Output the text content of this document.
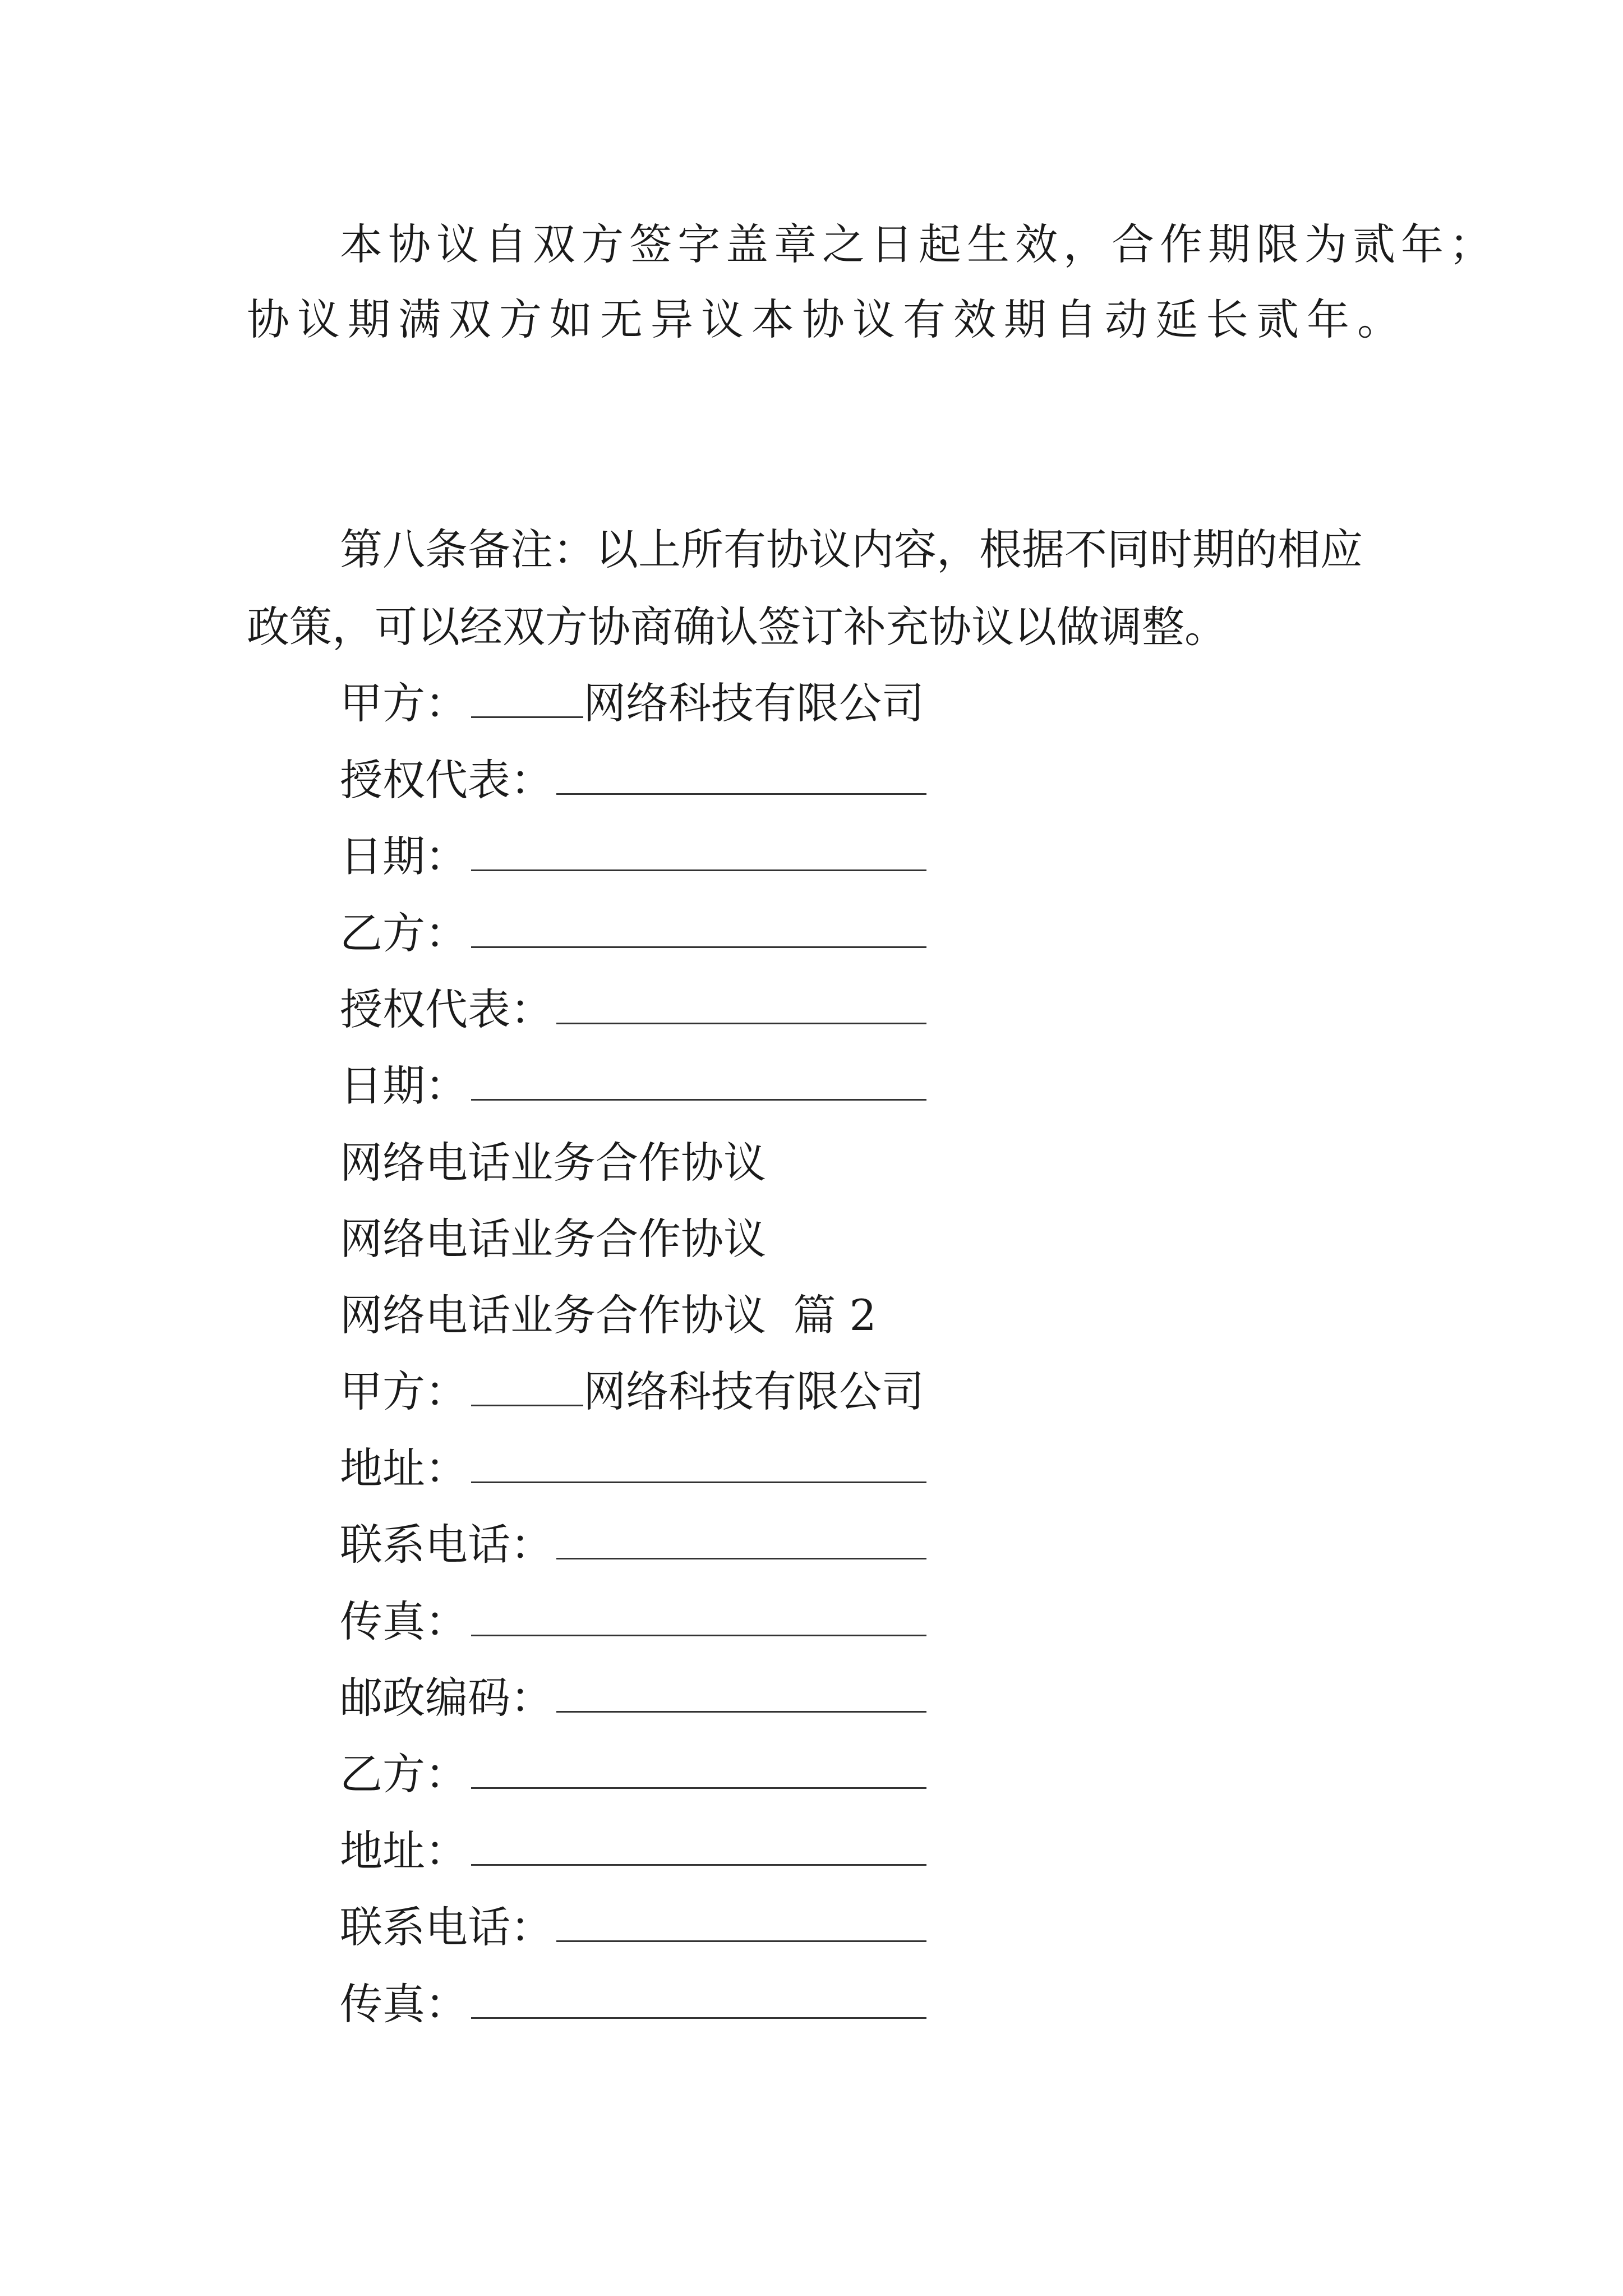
本协议自双方签字盖章之日起生效，合作期限为贰年；
协议期满双方如无异议本协议有效期自动延长贰年。
第八条备注：以上所有协议内容，根据不同时期的相应
政策，可以经双方协商确认签订补充协议以做调整。
甲方：	网络科技有限公司
授权代表：
日期：
乙方：
授权代表：
日期：
网络电话业务合作协议
网络电话业务合作协议
网络电话业务合作协议  篇 2
甲方：	网络科技有限公司
地址：
联系电话：
传真：
邮政编码：
乙方：
地址：
联系电话：
传真：
